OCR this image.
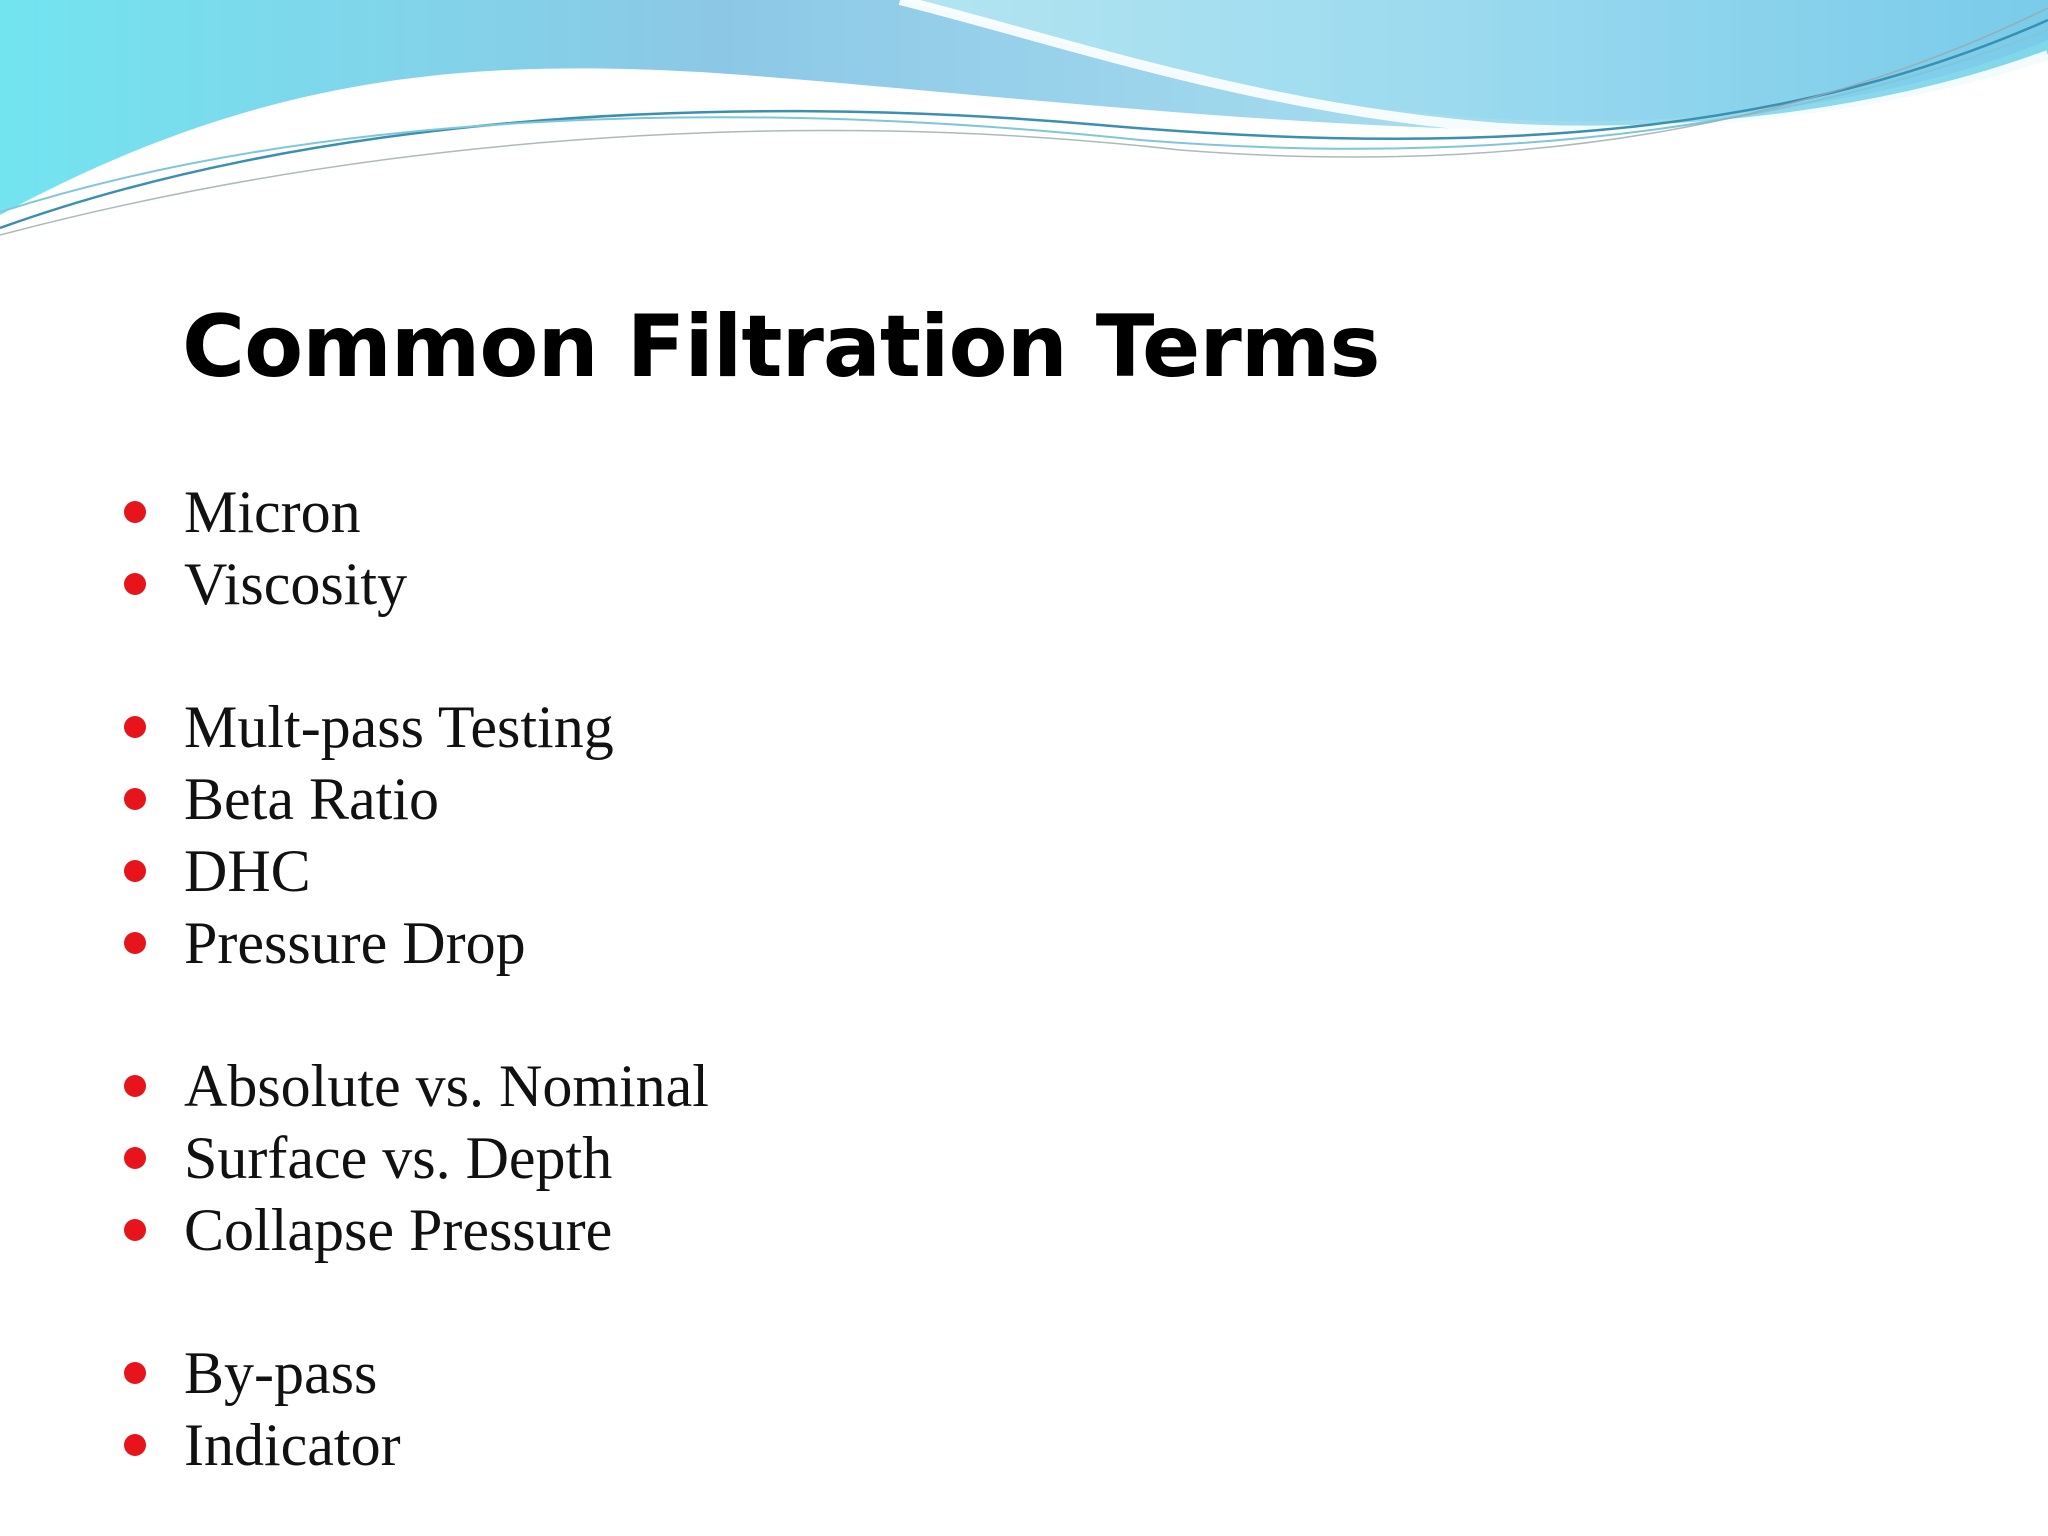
Common Filtration Terms
Micron
Viscosity
Mult-pass Testing
Beta Ratio
DHC
Pressure Drop
Absolute vs. Nominal
Surface vs. Depth
Collapse Pressure
By-pass
Indicator
